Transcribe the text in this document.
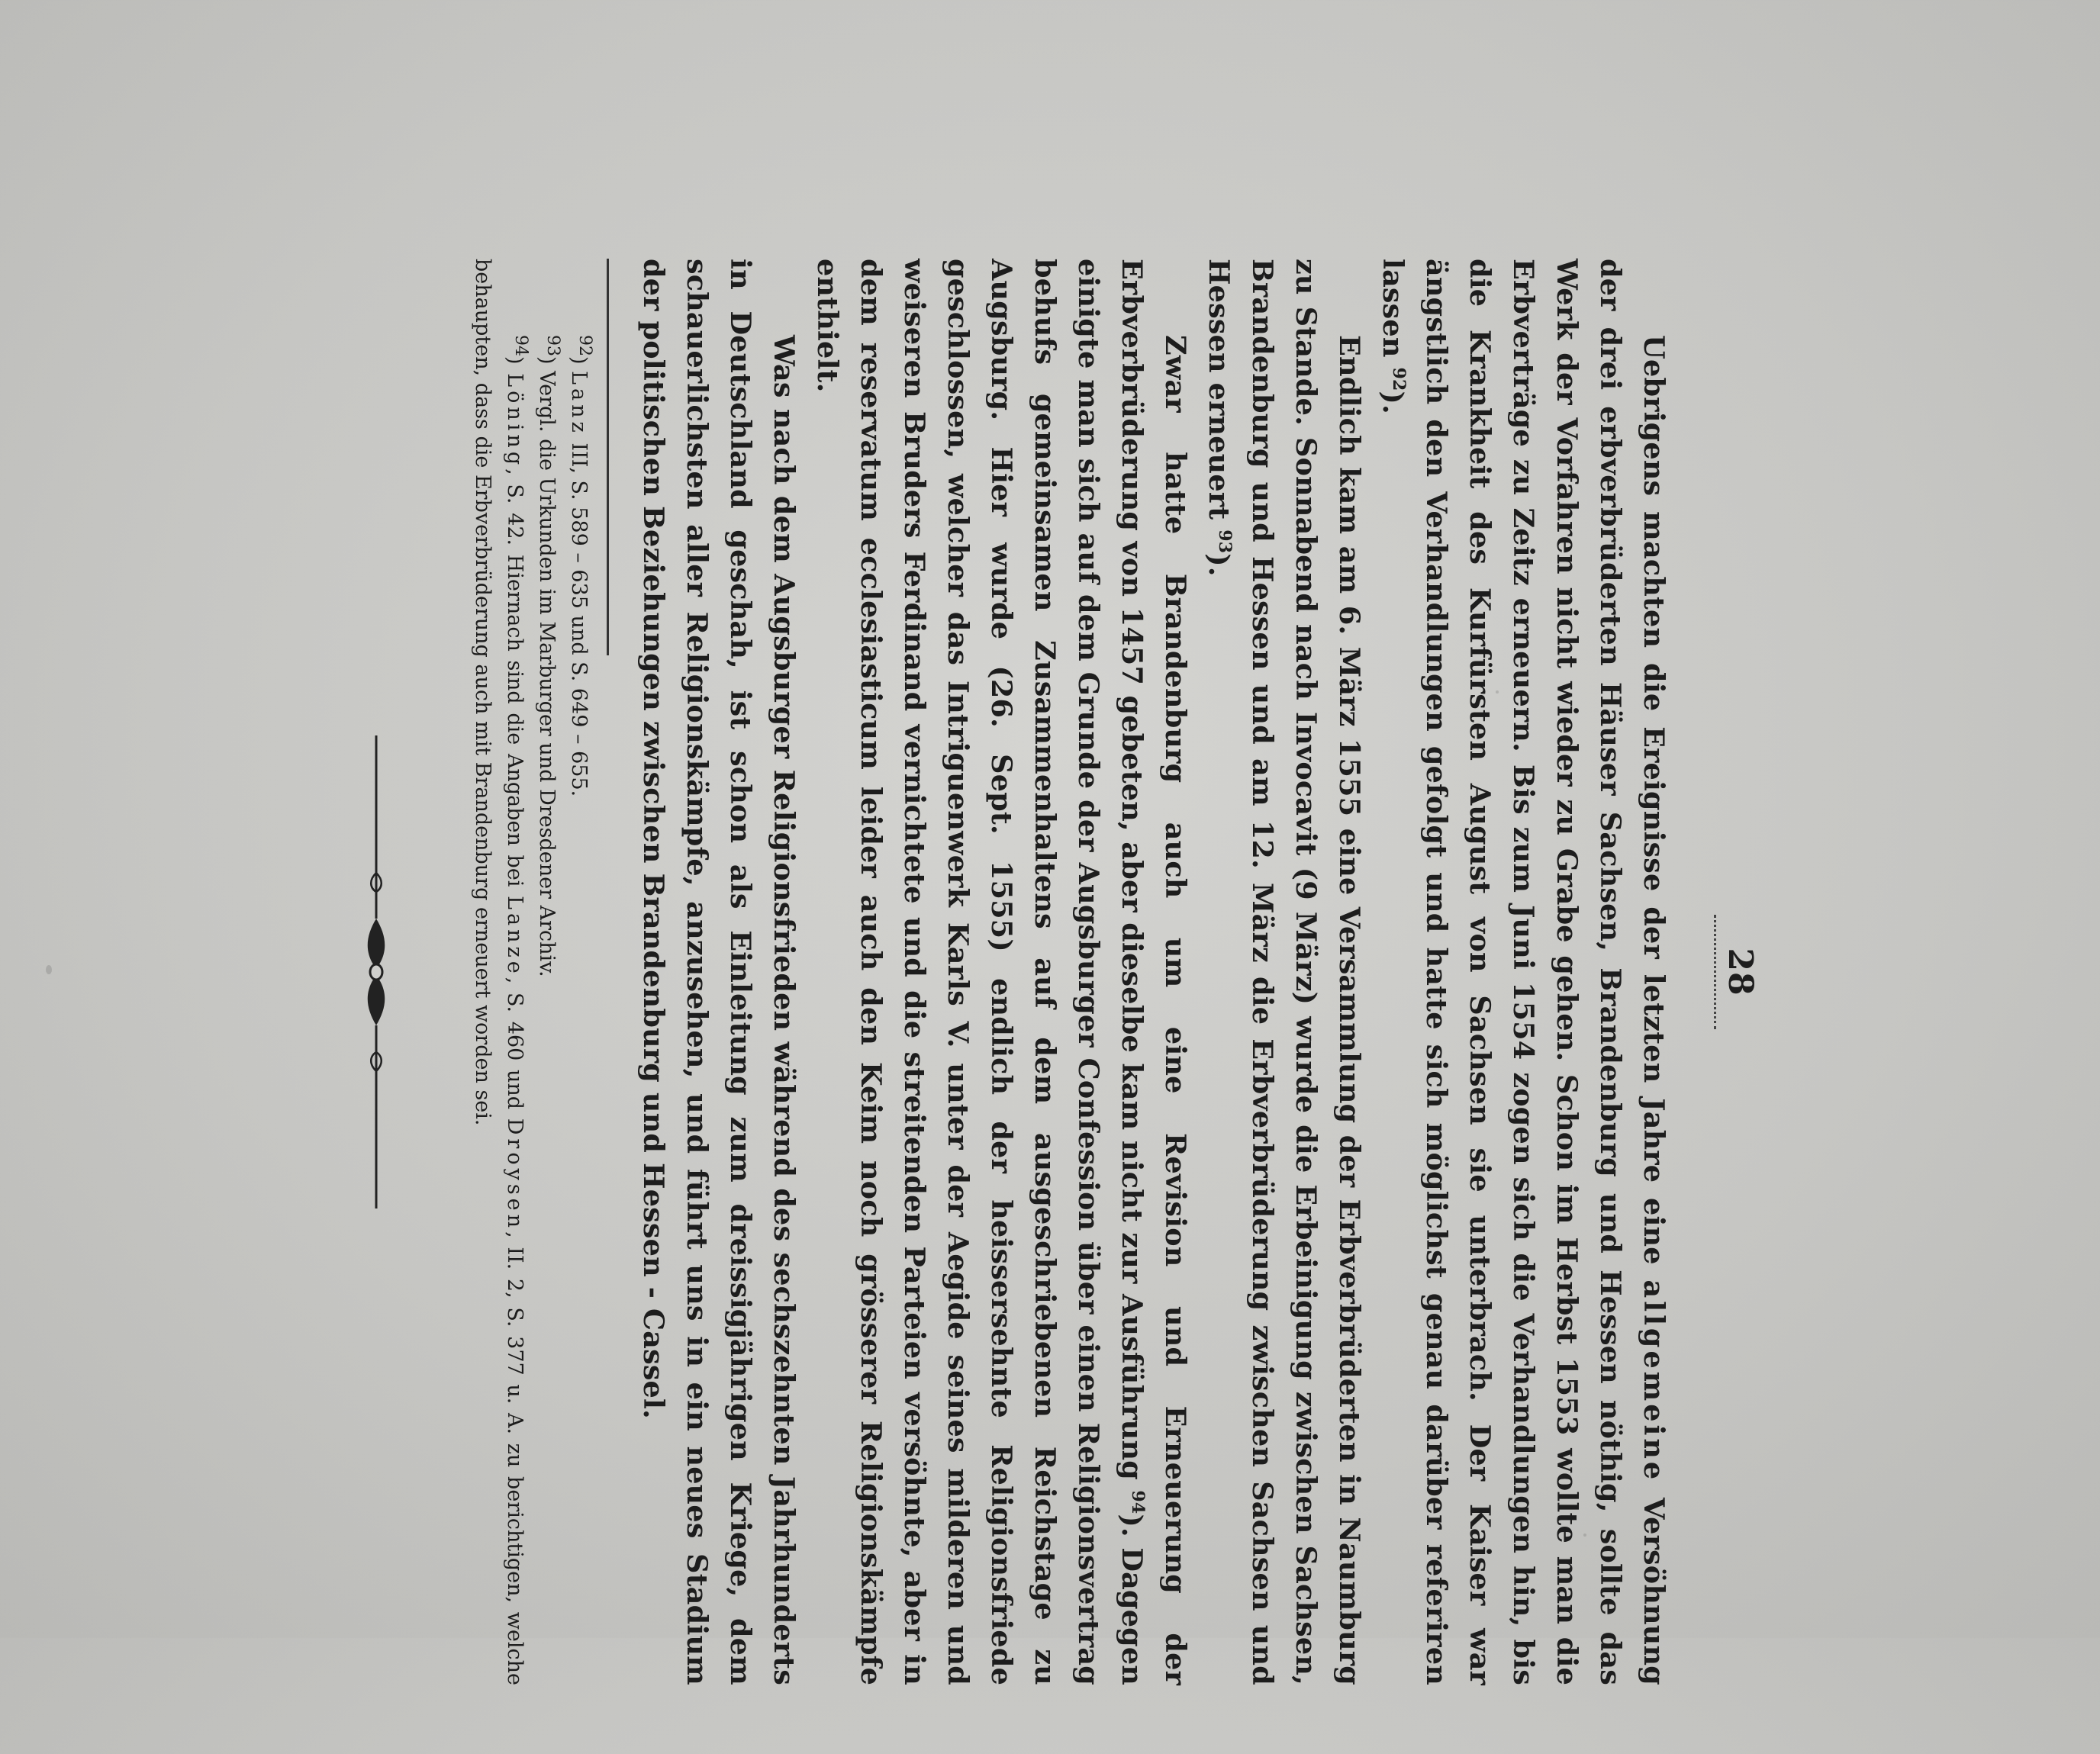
28

Uebrigens machten die Ereignisse der letzten Jahre eine allgemeine Versöhnung der drei erbverbrüderten Häuser Sachsen, Brandenburg und Hessen nöthig, sollte das Werk der Vorfahren nicht wieder zu Grabe gehen. Schon im Herbst 1553 wollte man die Erbverträge zu Zeitz erneuern. Bis zum Juni 1554 zogen sich die Verhandlungen hin, bis die Krankheit des Kurfürsten August von Sachsen sie unterbrach. Der Kaiser war ängstlich den Verhandlungen gefolgt und hatte sich möglichst genau darüber referiren lassen $^{92}$).

Endlich kam am 6. März 1555 eine Versammlung der Erbverbrüderten in Naumburg zu Stande. Sonnabend nach Invocavit (9 März) wurde die Erbeinigung zwischen Sachsen, Brandenburg und Hessen und am 12. März die Erbverbrüderung zwischen Sachsen und Hessen erneuert $^{93}$).

Zwar hatte Brandenburg auch um eine Revision und Erneuerung der Erbverbrüderung von 1457 gebeten, aber dieselbe kam nicht zur Ausführung $^{94}$). Dagegen einigte man sich auf dem Grunde der Augsburger Confession über einen Religionsvertrag behufs gemeinsamen Zusammenhaltens auf dem ausgeschriebenen Reichstage zu Augsburg. Hier wurde (26. Sept. 1555) endlich der heissersehnte Religionsfriede geschlossen, welcher das Intriguenwerk Karls V. unter der Aegide seines milderen und weiseren Bruders Ferdinand vernichtete und die streitenden Parteien versöhnte, aber in dem reservatum ecclesiasticum leider auch den Keim noch grösserer Religionskämpfe enthielt.

Was nach dem Augsburger Religionsfrieden während des sechszehnten Jahrhunderts in Deutschland geschah, ist schon als Einleitung zum dreissigjährigen Kriege, dem schauerlichsten aller Religionskämpfe, anzusehen, und führt uns in ein neues Stadium der politischen Beziehungen zwischen Brandenburg und Hessen - Cassel.

$^{92}$) Lanz III, S. 589 – 635 und S. 649 – 655.

$^{93}$) Vergl. die Urkunden im Marburger und Dresdener Archiv.

$^{94}$) Löning, S. 42. Hiernach sind die Angaben bei Lanze, S. 460 und Droysen, II. 2, S. 377 u. A. zu berichtigen, welche behaupten, dass die Erbverbrüderung auch mit Brandenburg erneuert worden sei.
